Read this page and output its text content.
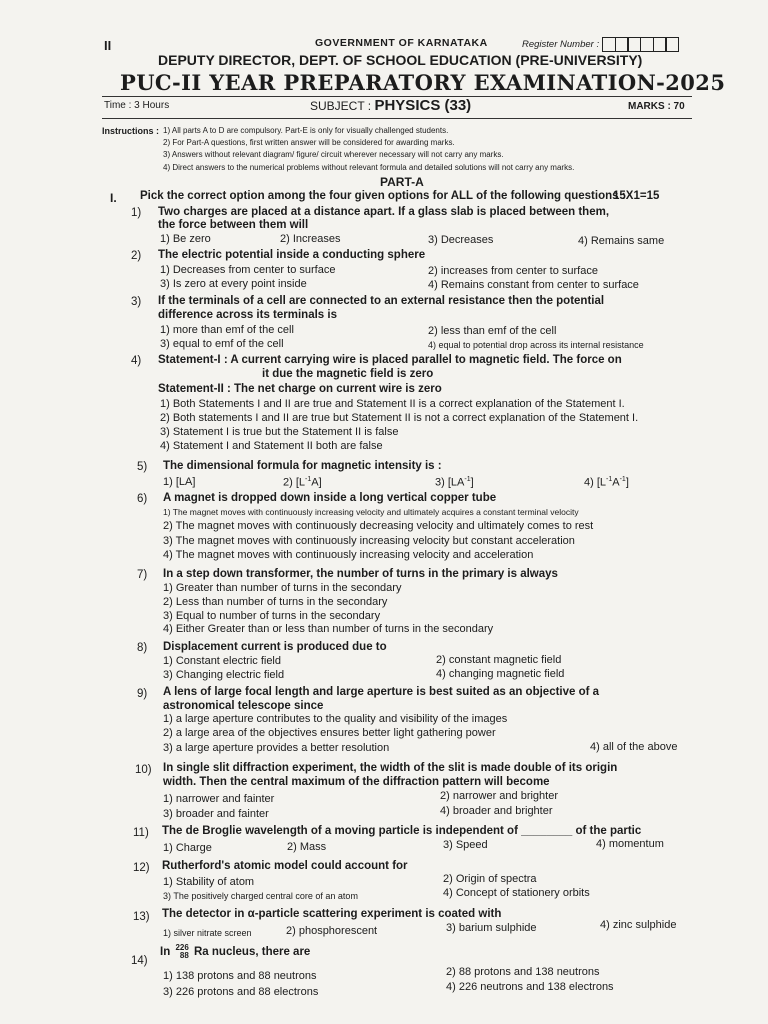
II	GOVERNMENT OF KARNATAKA	Register Number :
DEPUTY DIRECTOR, DEPT. OF SCHOOL EDUCATION (PRE-UNIVERSITY)
PUC-II YEAR PREPARATORY EXAMINATION-2025
Time : 3 Hours	SUBJECT : PHYSICS (33)	MARKS : 70
Instructions : 1) All parts A to D are compulsory. Part-E is only for visually challenged students.
2) For Part-A questions, first written answer will be considered for awarding marks.
3) Answers without relevant diagram/ figure/ circuit wherever necessary will not carry any marks.
4) Direct answers to the numerical problems without relevant formula and detailed solutions will not carry any marks.
PART-A
I. Pick the correct option among the four given options for ALL of the following questions :
15X1=15
1) Two charges are placed at a distance apart. If a glass slab is placed between them,
the force between them will
1) Be zero	2) Increases	3) Decreases	4) Remains same
2) The electric potential inside a conducting sphere
1) Decreases from center to surface	2) increases from center to surface
3) Is zero at every point inside	4) Remains constant from center to surface
3) If the terminals of a cell are connected to an external resistance then the potential
difference across its terminals is
1) more than emf of the cell	2) less than emf of the cell
3) equal to emf of the cell	4) equal to potential drop across its internal resistance
4) Statement-I : A current carrying wire is placed parallel to magnetic field. The force on
it due the magnetic field is zero
Statement-II : The net charge on current wire is zero
1) Both Statements I and II are true and Statement II is a correct explanation of the Statement I.
2) Both statements I and II are true but Statement II is not a correct explanation of the Statement I.
3) Statement I is true but the Statement II is false
4) Statement I and Statement II both are false
5) The dimensional formula for magnetic intensity is :
1) [LA]	2) $[L^{-1}A]$	3) $[LA^{-1}]$	4) $[L^{-1}A^{-1}]$
6) A magnet is dropped down inside a long vertical copper tube
1) The magnet moves with continuously increasing velocity and ultimately acquires a constant terminal velocity
2) The magnet moves with continuously decreasing velocity and ultimately comes to rest
3) The magnet moves with continuously increasing velocity but constant acceleration
4) The magnet moves with continuously increasing velocity and acceleration
7) In a step down transformer, the number of turns in the primary is always
1) Greater than number of turns in the secondary
2) Less than number of turns in the secondary
3) Equal to number of turns in the secondary
4) Either Greater than or less than number of turns in the secondary
8) Displacement current is produced due to
1) Constant electric field	2) constant magnetic field
3) Changing electric field	4) changing magnetic field
9) A lens of large focal length and large aperture is best suited as an objective of a
astronomical telescope since
1) a large aperture contributes to the quality and visibility of the images
2) a large area of the objectives ensures better light gathering power
3) a large aperture provides a better resolution	4) all of the above
10) In single slit diffraction experiment, the width of the slit is made double of its origin
width. Then the central maximum of the diffraction pattern will become
1) narrower and fainter	2) narrower and brighter
3) broader and fainter	4) broader and brighter
11) The de Broglie wavelength of a moving particle is independent of ________ of the partic
1) Charge	2) Mass	3) Speed	4) momentum
12) Rutherford's atomic model could account for
1) Stability of atom	2) Origin of spectra
3) The positively charged central core of an atom	4) Concept of stationery orbits
13) The detector in α-particle scattering experiment is coated with
1) silver nitrate screen	2) phosphorescent	3) barium sulphide	4) zinc sulphide
14)
In 226
88 Ra nucleus, there are
1) 138 protons and 88 neutrons	2) 88 protons and 138 neutrons
3) 226 protons and 88 electrons	4) 226 neutrons and 138 electrons
